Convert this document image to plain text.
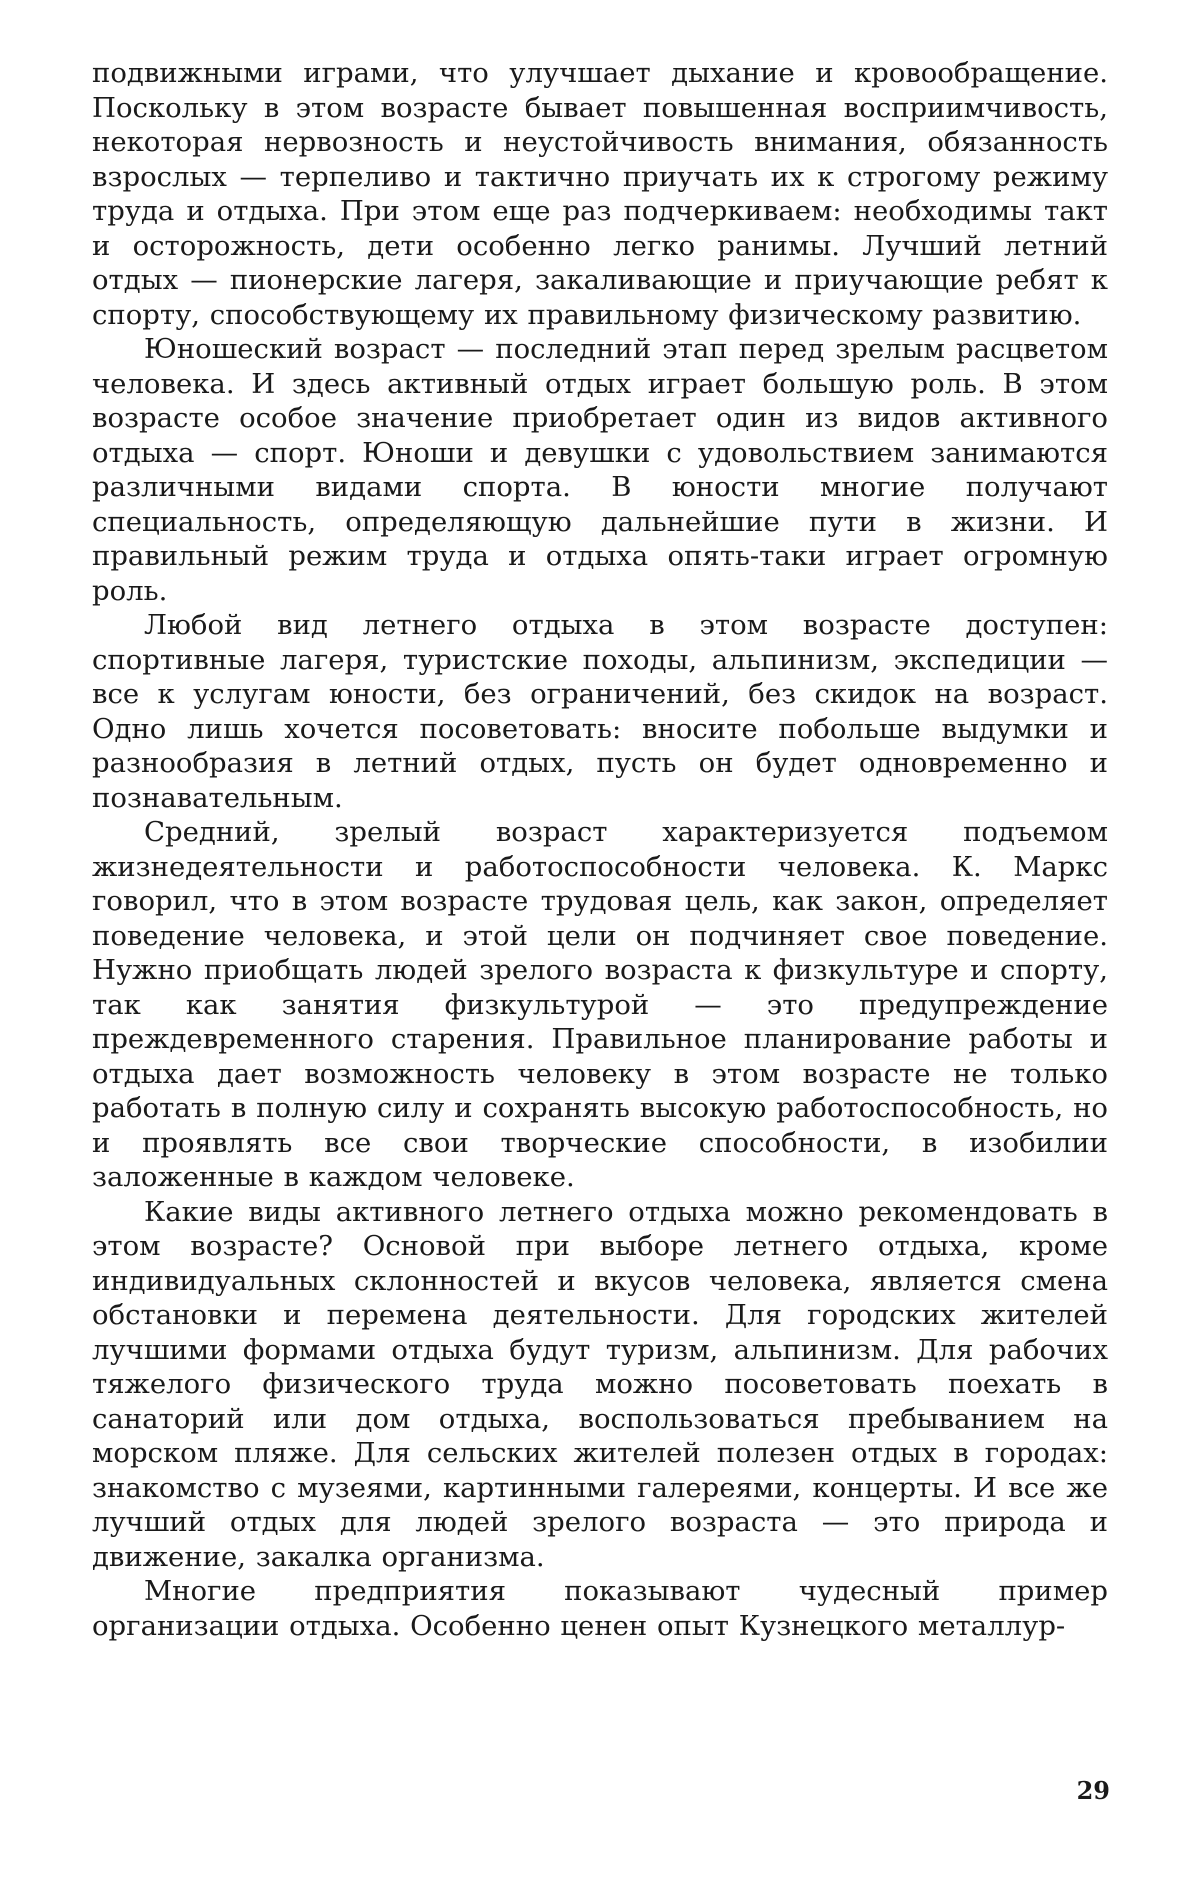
подвижными играми, что улучшает дыхание и кровообращение. Поскольку в этом возрасте бывает повышенная восприимчивость, некоторая нервозность и неустойчивость внимания, обязанность взрослых — терпеливо и тактично приучать их к строгому режиму труда и отдыха. При этом еще раз подчеркиваем: необходимы такт и осторожность, дети особенно легко ранимы. Лучший летний отдых — пионерские лагеря, закаливающие и приучающие ребят к спорту, способствующему их правильному физическому развитию.

Юношеский возраст — последний этап перед зрелым расцветом человека. И здесь активный отдых играет большую роль. В этом возрасте особое значение приобретает один из видов активного отдыха — спорт. Юноши и девушки с удовольствием занимаются различными видами спорта. В юности многие получают специальность, определяющую дальнейшие пути в жизни. И правильный режим труда и отдыха опять-таки играет огромную роль.

Любой вид летнего отдыха в этом возрасте доступен: спортивные лагеря, туристские походы, альпинизм, экспедиции — все к услугам юности, без ограничений, без скидок на возраст. Одно лишь хочется посоветовать: вносите побольше выдумки и разнообразия в летний отдых, пусть он будет одновременно и познавательным.

Средний, зрелый возраст характеризуется подъемом жизнедеятельности и работоспособности человека. К. Маркс говорил, что в этом возрасте трудовая цель, как закон, определяет поведение человека, и этой цели он подчиняет свое поведение. Нужно приобщать людей зрелого возраста к физкультуре и спорту, так как занятия физкультурой — это предупреждение преждевременного старения. Правильное планирование работы и отдыха дает возможность человеку в этом возрасте не только работать в полную силу и сохранять высокую работоспособность, но и проявлять все свои творческие способности, в изобилии заложенные в каждом человеке.

Какие виды активного летнего отдыха можно рекомендовать в этом возрасте? Основой при выборе летнего отдыха, кроме индивидуальных склонностей и вкусов человека, является смена обстановки и перемена деятельности. Для городских жителей лучшими формами отдыха будут туризм, альпинизм. Для рабочих тяжелого физического труда можно посоветовать поехать в санаторий или дом отдыха, воспользоваться пребыванием на морском пляже. Для сельских жителей полезен отдых в городах: знакомство с музеями, картинными галереями, концерты. И все же лучший отдых для людей зрелого возраста — это природа и движение, закалка организма.

Многие предприятия показывают чудесный пример организации отдыха. Особенно ценен опыт Кузнецкого металлур-

29
